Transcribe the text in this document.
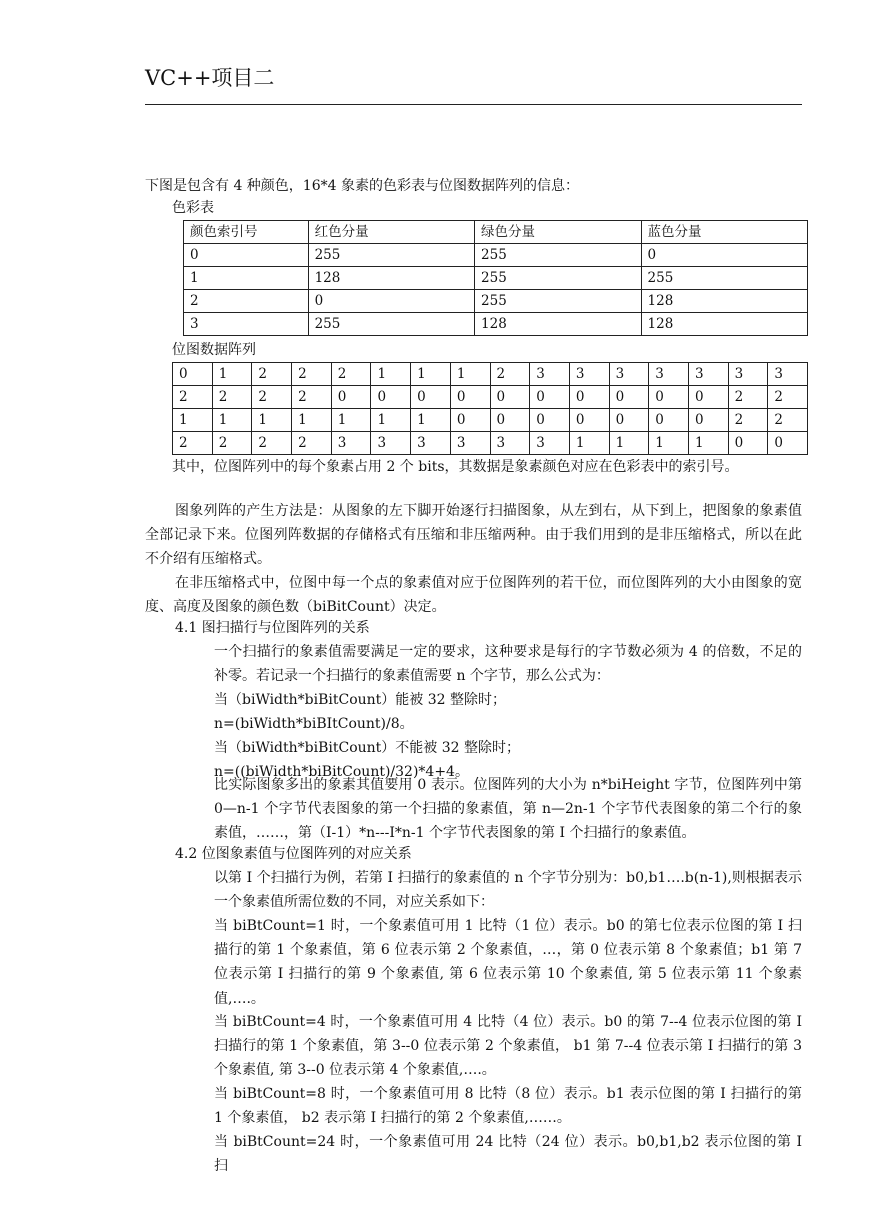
VC++项目二
下图是包含有 4 种颜色，16*4 象素的色彩表与位图数据阵列的信息：
色彩表
颜色索引号	红色分量	绿色分量	蓝色分量
0	255	255	0
1	128	255	255
2	0	255	128
3	255	128	128
位图数据阵列
0	1	2	2	2	1	1	1	2	3	3	3	3	3	3	3
2	2	2	2	0	0	0	0	0	0	0	0	0	0	2	2
1	1	1	1	1	1	1	0	0	0	0	0	0	0	2	2
2	2	2	2	3	3	3	3	3	3	1	1	1	1	0	0
其中，位图阵列中的每个象素占用 2 个 bits，其数据是象素颜色对应在色彩表中的索引号。
图象列阵的产生方法是：从图象的左下脚开始逐行扫描图象，从左到右，从下到上，把图象的象素值全部记录下来。位图列阵数据的存储格式有压缩和非压缩两种。由于我们用到的是非压缩格式，所以在此不介绍有压缩格式。
在非压缩格式中，位图中每一个点的象素值对应于位图阵列的若干位，而位图阵列的大小由图象的宽度、高度及图象的颜色数（biBitCount）决定。
4.1 图扫描行与位图阵列的关系
一个扫描行的象素值需要满足一定的要求，这种要求是每行的字节数必须为 4 的倍数，不足的补零。若记录一个扫描行的象素值需要 n 个字节，那么公式为：
当（biWidth*biBitCount）能被 32 整除时；
n=(biWidth*biBItCount)/8。
当（biWidth*biBitCount）不能被 32 整除时；
n=((biWidth*biBitCount)/32)*4+4。
比实际图象多出的象素其值要用 0 表示。位图阵列的大小为 n*biHeight 字节，位图阵列中第 0—n-1 个字节代表图象的第一个扫描的象素值，第 n—2n-1 个字节代表图象的第二个行的象素值，……，第（I-1）*n---I*n-1 个字节代表图象的第 I 个扫描行的象素值。
4.2 位图象素值与位图阵列的对应关系
以第 I 个扫描行为例，若第 I 扫描行的象素值的 n 个字节分别为：b0,b1….b(n-1),则根据表示一个象素值所需位数的不同，对应关系如下：
当 biBtCount=1 时，一个象素值可用 1 比特（1 位）表示。b0 的第七位表示位图的第 I 扫描行的第 1 个象素值，第 6 位表示第 2 个象素值，…，第 0 位表示第 8 个象素值；b1 第 7 位表示第 I 扫描行的第 9 个象素值, 第 6 位表示第 10 个象素值, 第 5 位表示第 11 个象素值,….。
当 biBtCount=4 时，一个象素值可用 4 比特（4 位）表示。b0 的第 7--4 位表示位图的第 I 扫描行的第 1 个象素值，第 3--0 位表示第 2 个象素值， b1 第 7--4 位表示第 I 扫描行的第 3 个象素值, 第 3--0 位表示第 4 个象素值,….。
当 biBtCount=8 时，一个象素值可用 8 比特（8 位）表示。b1 表示位图的第 I 扫描行的第 1 个象素值， b2 表示第 I 扫描行的第 2 个象素值,……。
当 biBtCount=24 时，一个象素值可用 24 比特（24 位）表示。b0,b1,b2 表示位图的第 I 扫
